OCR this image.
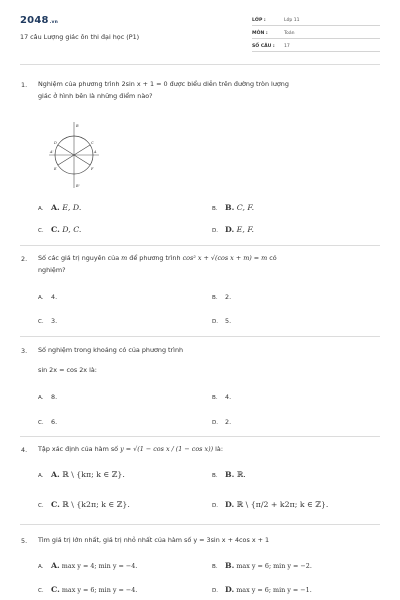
2048.vn
17 câu Lượng giác ôn thi đại học (P1)
LỚP :	Lớp 11
MÔN :	Toán
SỐ CÂU : 17
1. Nghiệm của phương trình 2sin x + 1 = 0 được biểu diễn trên đường tròn lượng
giác ở hình bên là những điểm nào?
B
B'
A'	A
C
D
E	F
A. A. E, D.	B. B. C, F.
C. C. D, C.	D. D. E, F.
2. Số các giá trị nguyên của m để phương trình cos² x + √(cos x + m) = m có
nghiệm?
A. 4.	B. 2.
C. 3.	D. 5.
3. Số nghiệm trong khoảng có của phương trình
sin 2x = cos 2x là:
A. 8.	B. 4.
C. 6.	D. 2.
4. Tập xác định của hàm số y = √(1 − cos x / (1 − cos x)) là:
A. A. ℝ \ {kπ; k ∈ ℤ}.	B. B. ℝ.
C. C. ℝ \ {k2π; k ∈ ℤ}.	D. D. ℝ \ {π/2 + k2π; k ∈ ℤ}.
5. Tìm giá trị lớn nhất, giá trị nhỏ nhất của hàm số y = 3sin x + 4cos x + 1
A. A. max y = 4; min y = −4.	B. B. max y = 6; min y = −2.
C. C. max y = 6; min y = −4.	D. D. max y = 6; min y = −1.
